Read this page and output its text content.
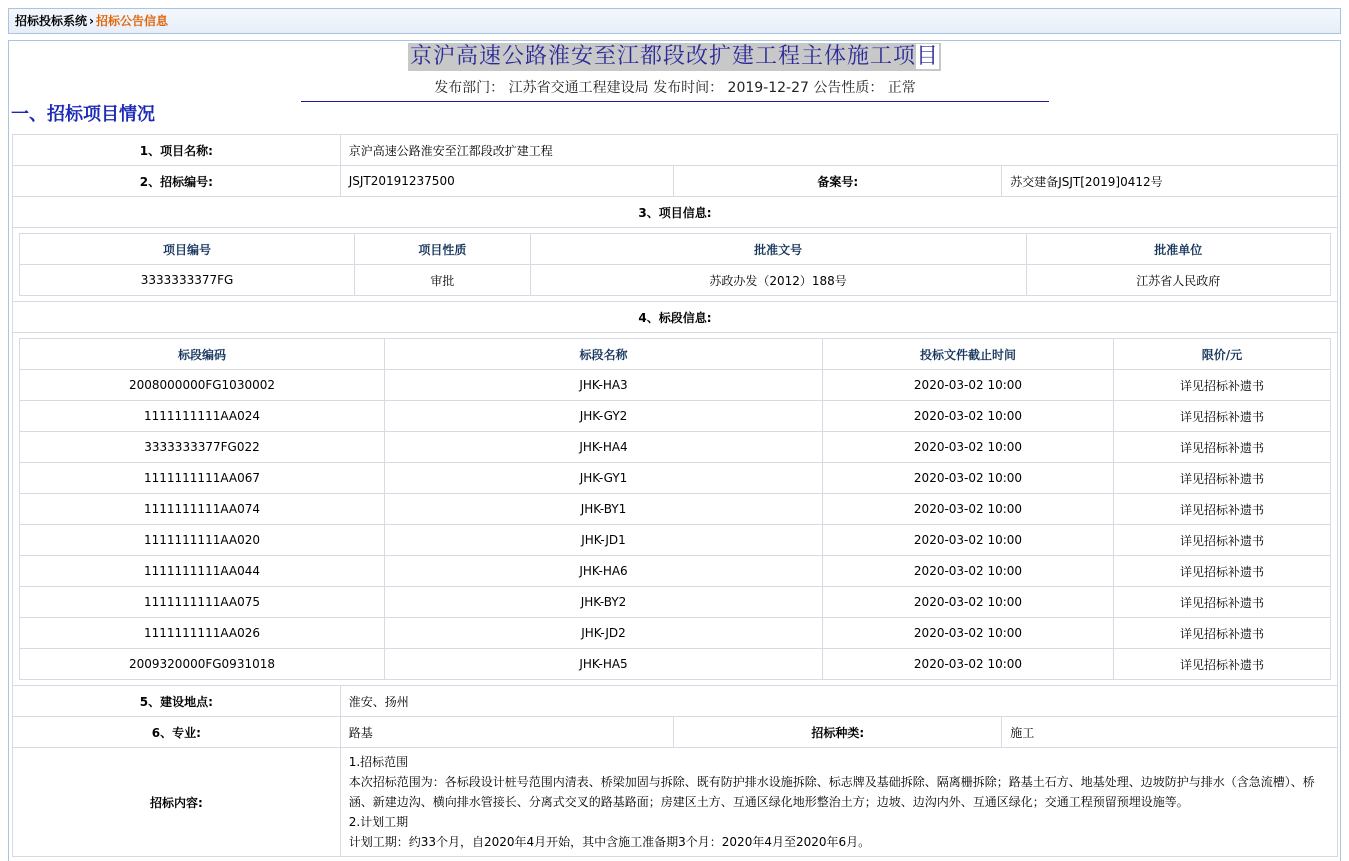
招标投标系统 › 招标公告信息
京沪高速公路淮安至江都段改扩建工程主体施工项目
发布部门： 江苏省交通工程建设局 发布时间： 2019-12-27 公告性质： 正常
一、招标项目情况
1、项目名称:	京沪高速公路淮安至江都段改扩建工程
2、招标编号:	JSJT20191237500	备案号:	苏交建备JSJT[2019]0412号
3、项目信息:

项目编号	项目性质	批准文号	批准单位
3333333377FG	审批	苏政办发（2012）188号	江苏省人民政府

4、标段信息:

标段编码	标段名称	投标文件截止时间	限价/元
2008000000FG1030002	JHK-HA3	2020-03-02 10:00	详见招标补遗书
1111111111AA024	JHK-GY2	2020-03-02 10:00	详见招标补遗书
3333333377FG022	JHK-HA4	2020-03-02 10:00	详见招标补遗书
1111111111AA067	JHK-GY1	2020-03-02 10:00	详见招标补遗书
1111111111AA074	JHK-BY1	2020-03-02 10:00	详见招标补遗书
1111111111AA020	JHK-JD1	2020-03-02 10:00	详见招标补遗书
1111111111AA044	JHK-HA6	2020-03-02 10:00	详见招标补遗书
1111111111AA075	JHK-BY2	2020-03-02 10:00	详见招标补遗书
1111111111AA026	JHK-JD2	2020-03-02 10:00	详见招标补遗书
2009320000FG0931018	JHK-HA5	2020-03-02 10:00	详见招标补遗书

5、建设地点:	淮安、扬州
6、专业:	路基	招标种类:	施工
招标内容:	
1.招标范围
本次招标范围为：各标段设计桩号范围内清表、桥梁加固与拆除、既有防护排水设施拆除、标志牌及基础拆除、隔离栅拆除；路基土石方、地基处理、边坡防护与排水（含急流槽）、桥涵、新建边沟、横向排水管接长、分离式交叉的路基路面；房建区土方、互通区绿化地形整治土方；边坡、边沟内外、互通区绿化；交通工程预留预埋设施等。
2.计划工期
计划工期：约33个月，自2020年4月开始，其中含施工准备期3个月：2020年4月至2020年6月。
